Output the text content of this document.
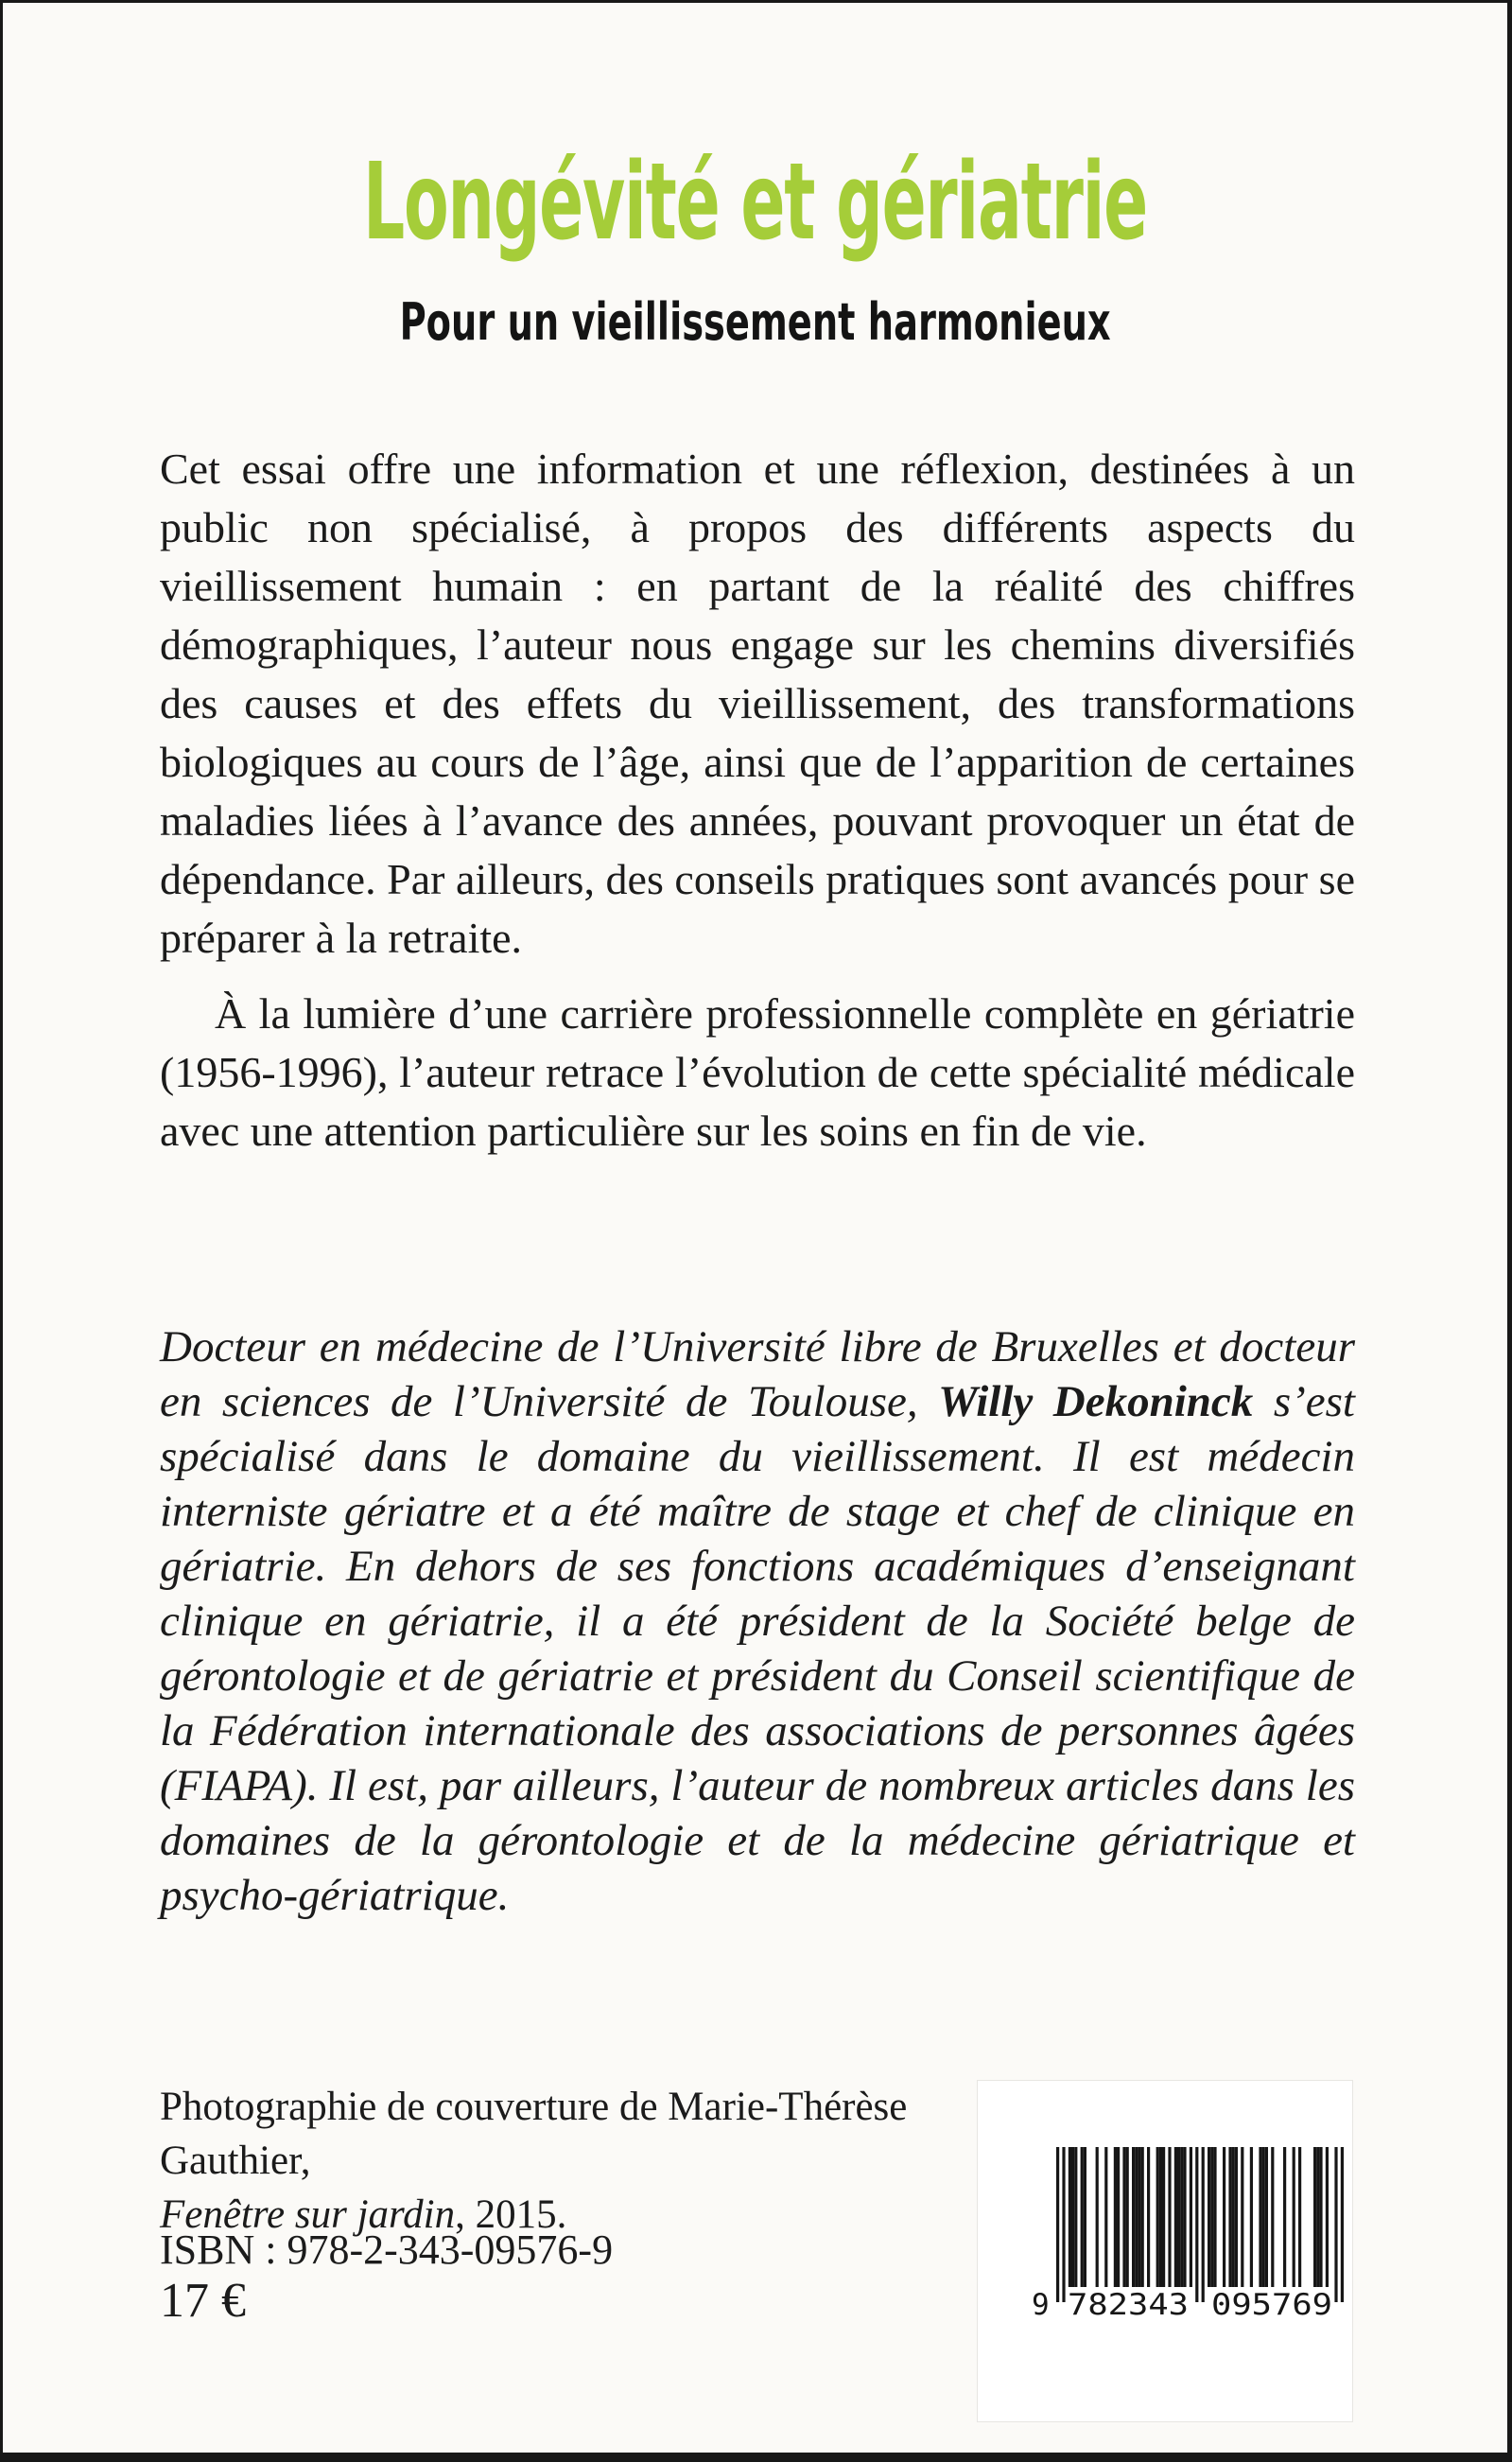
Longévité et gériatrie
Pour un vieillissement harmonieux

Cet essai offre une information et une réflexion, destinées à un public non spécialisé, à propos des différents aspects du vieillissement humain : en partant de la réalité des chiffres démographiques, l’auteur nous engage sur les chemins diversifiés des causes et des effets du vieillissement, des transformations biologiques au cours de l’âge, ainsi que de l’apparition de certaines maladies liées à l’avance des années, pouvant provoquer un état de dépendance. Par ailleurs, des conseils pratiques sont avancés pour se préparer à la retraite.

À la lumière d’une carrière professionnelle complète en gériatrie (1956-1996), l’auteur retrace l’évolution de cette spécialité médicale avec une attention particulière sur les soins en fin de vie.

Docteur en médecine de l’Université libre de Bruxelles et docteur en sciences de l’Université de Toulouse, Willy Dekoninck s’est spécialisé dans le domaine du vieillissement. Il est médecin interniste gériatre et a été maître de stage et chef de clinique en gériatrie. En dehors de ses fonctions académiques d’enseignant clinique en gériatrie, il a été président de la Société belge de gérontologie et de gériatrie et président du Conseil scientifique de la Fédération internationale des associations de personnes âgées (FIAPA). Il est, par ailleurs, l’auteur de nombreux articles dans les domaines de la gérontologie et de la médecine gériatrique et psycho-gériatrique.

Photographie de couverture de Marie-Thérèse Gauthier,
Fenêtre sur jardin, 2015.

ISBN : 978-2-343-09576-9

17 €	9 782343 095769
